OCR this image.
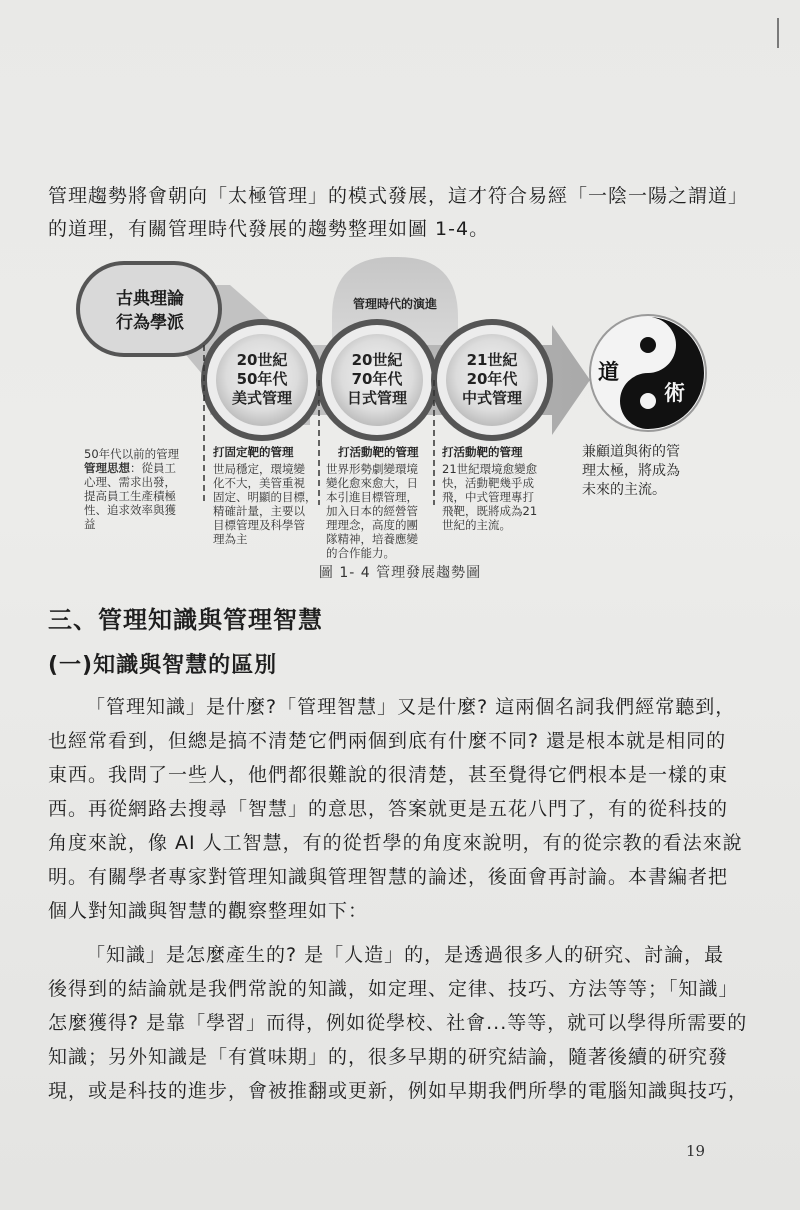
管理趨勢將會朝向「太極管理」的模式發展，這才符合易經「一陰一陽之謂道」

的道理，有關管理時代發展的趨勢整理如圖 1-4。

管理時代的演進
古典理論
行為學派
20世紀
50年代
美式管理
20世紀
70年代
日式管理
21世紀
20年代
中式管理
道
術
50年代以前的管理
管理思想：從員工
心理、需求出發，
提高員工生產積極
性、追求效率與獲
益
打固定靶的管理
世局穩定，環境變
化不大，美管重視
固定、明顯的目標，
精確計量，主要以
目標管理及科學管
理為主
打活動靶的管理
世界形勢劇變環境
變化愈來愈大，日
本引進目標管理，
加入日本的經營管
理理念，高度的團
隊精神，培養應變
的合作能力。
打活動靶的管理
21世紀環境愈變愈
快，活動靶幾乎成
飛，中式管理專打
飛靶，既將成為21
世紀的主流。
兼顧道與術的管
理太極，將成為
未來的主流。
圖 1- 4 管理發展趨勢圖
三、管理知識與管理智慧
(一)知識與智慧的區別
「管理知識」是什麼?「管理智慧」又是什麼? 這兩個名詞我們經常聽到，
也經常看到，但總是搞不清楚它們兩個到底有什麼不同? 還是根本就是相同的
東西。我問了一些人，他們都很難說的很清楚，甚至覺得它們根本是一樣的東
西。再從網路去搜尋「智慧」的意思，答案就更是五花八門了，有的從科技的
角度來說，像 AI 人工智慧，有的從哲學的角度來說明，有的從宗教的看法來說
明。有關學者專家對管理知識與管理智慧的論述，後面會再討論。本書編者把
個人對知識與智慧的觀察整理如下：
「知識」是怎麼產生的? 是「人造」的，是透過很多人的研究、討論，最
後得到的結論就是我們常說的知識，如定理、定律、技巧、方法等等；「知識」
怎麼獲得? 是靠「學習」而得，例如從學校、社會...等等，就可以學得所需要的
知識；另外知識是「有賞味期」的，很多早期的研究結論，隨著後續的研究發
現，或是科技的進步，會被推翻或更新，例如早期我們所學的電腦知識與技巧，
19
